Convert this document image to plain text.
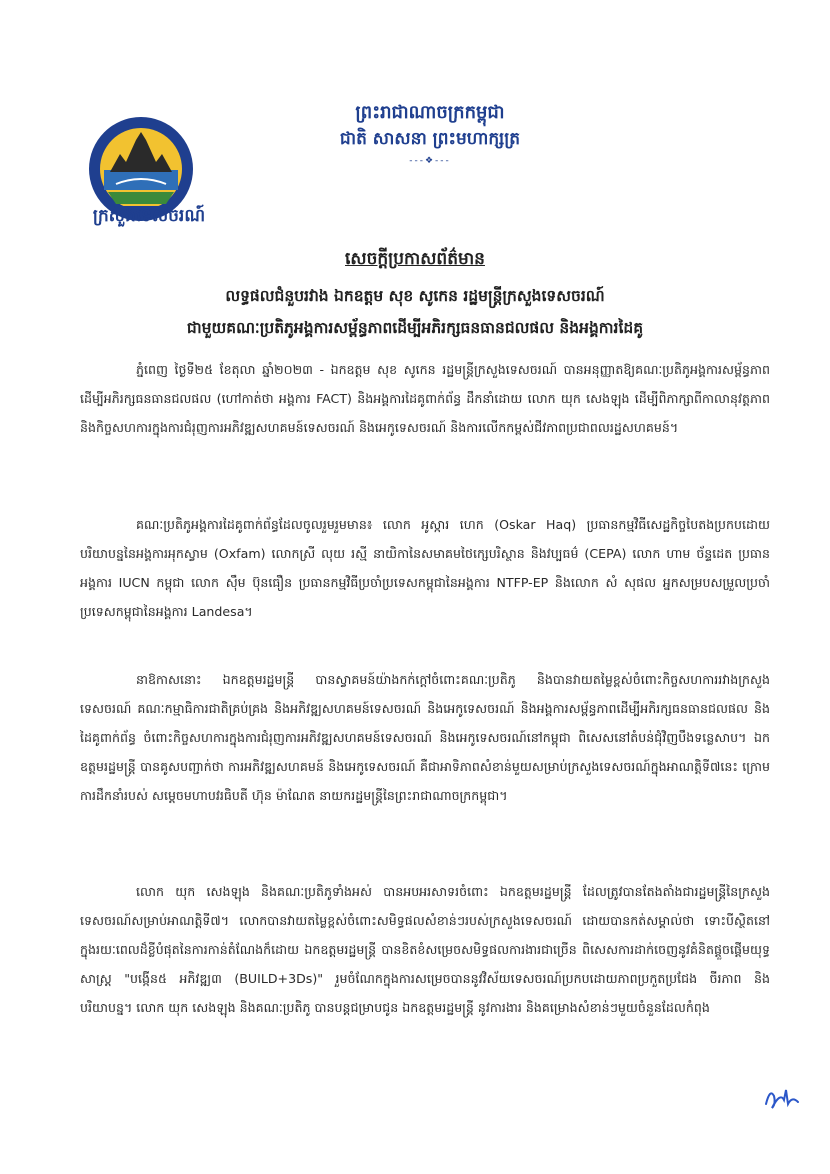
ព្រះរាជាណាចក្រកម្ពុជា
ជាតិ សាសនា ព្រះមហាក្សត្រ
---❖---
ក្រសួងទេសចរណ៍
សេចក្តីប្រកាសព័ត៌មាន
លទ្ធផលជំនួបរវាង ឯកឧត្តម សុខ សូកេន រដ្ឋមន្ត្រីក្រសួងទេសចរណ៍
ជាមួយគណៈប្រតិភូអង្គការសម្ព័ន្ធភាពដើម្បីអភិរក្សធនធានជលផល និងអង្គការដៃគូ

ភ្នំពេញ ថ្ងៃទី២៥ ខែតុលា ឆ្នាំ២០២៣ - ឯកឧត្តម សុខ សូកេន រដ្ឋមន្ត្រីក្រសួងទេសចរណ៍ បានអនុញ្ញាតឱ្យគណៈប្រតិភូអង្គការសម្ព័ន្ធភាពដើម្បីអភិរក្សធនធានជលផល (ហៅកាត់ថា អង្គការ FACT) និងអង្គការដៃគូពាក់ព័ន្ធ ដឹកនាំដោយ លោក យុក សេងឡុង ដើម្បីពិភាក្សាពីកាលានុវត្តភាព និងកិច្ចសហការក្នុងការជំរុញការអភិវឌ្ឍសហគមន៍ទេសចរណ៍ និងអេកូទេសចរណ៍ និងការលើកកម្ពស់ជីវភាពប្រជាពលរដ្ឋសហគមន៍។

គណៈប្រតិភូអង្គការដៃគូពាក់ព័ន្ធដែលចូលរួមរួមមាន៖ លោក អូស្ការ ហេក (Oskar Haq) ប្រធានកម្មវិធីសេដ្ឋកិច្ចបៃតងប្រកបដោយបរិយាបន្ននៃអង្គការអុកស្វាម (Oxfam) លោកស្រី លុយ រស្មី នាយិកានៃសមាគមថៃក្សេបរិស្ថាន និងវប្បធម៌ (CEPA) លោក ហាម ច័ន្ទដេត ប្រធានអង្គការ IUCN កម្ពុជា លោក ស៊ឹម ប៊ុនធឿន ប្រធានកម្មវិធីប្រចាំប្រទេសកម្ពុជានៃអង្គការ NTFP-EP និងលោក សំ សុផល អ្នកសម្របសម្រួលប្រចាំប្រទេសកម្ពុជានៃអង្គការ Landesa។

នាឱកាសនោះ ឯកឧត្តមរដ្ឋមន្ត្រី បានស្វាគមន៍យ៉ាងកក់ក្តៅចំពោះគណៈប្រតិភូ និងបានវាយតម្លៃខ្ពស់ចំពោះកិច្ចសហការរវាងក្រសួងទេសចរណ៍ គណៈកម្មាធិការជាតិគ្រប់គ្រង និងអភិវឌ្ឍសហគមន៍ទេសចរណ៍ និងអេកូទេសចរណ៍ និងអង្គការសម្ព័ន្ធភាពដើម្បីអភិរក្សធនធានជលផល និងដៃគូពាក់ព័ន្ធ ចំពោះកិច្ចសហការក្នុងការជំរុញការអភិវឌ្ឍសហគមន៍ទេសចរណ៍ និងអេកូទេសចរណ៍នៅកម្ពុជា ពិសេសនៅតំបន់ជុំវិញបឹងទន្លេសាប។ ឯកឧត្តមរដ្ឋមន្ត្រី បានគូសបញ្ជាក់ថា ការអភិវឌ្ឍសហគមន៍ និងអេកូទេសចរណ៍ គឺជាអាទិភាពសំខាន់មួយសម្រាប់ក្រសួងទេសចរណ៍ក្នុងអាណត្តិទី៧នេះ ក្រោមការដឹកនាំរបស់ សម្តេចមហាបវរធិបតី ហ៊ុន ម៉ាណែត នាយករដ្ឋមន្ត្រីនៃព្រះរាជាណាចក្រកម្ពុជា។

លោក យុក សេងឡុង និងគណៈប្រតិភូទាំងអស់ បានអបអរសាទរចំពោះ ឯកឧត្តមរដ្ឋមន្ត្រី ដែលត្រូវបានតែងតាំងជារដ្ឋមន្ត្រីនៃក្រសួងទេសចរណ៍សម្រាប់អាណត្តិទី៧។ លោកបានវាយតម្លៃខ្ពស់ចំពោះសមិទ្ធផលសំខាន់ៗរបស់ក្រសួងទេសចរណ៍ ដោយបានកត់សម្គាល់ថា ទោះបីស្ថិតនៅក្នុងរយៈពេលដ៏ខ្លីបំផុតនៃការកាន់តំណែងក៏ដោយ ឯកឧត្តមរដ្ឋមន្ត្រី បានខិតខំសម្រេចសមិទ្ធផលការងារជាច្រើន ពិសេសការដាក់ចេញនូវគំនិតផ្តួចផ្តើមយុទ្ធសាស្ត្រ "បង្កើន៥ អភិវឌ្ឍ៣ (BUILD+3Ds)" រួមចំណែកក្នុងការសម្រេចបាននូវវិស័យទេសចរណ៍ប្រកបដោយភាពប្រកួតប្រជែង ចីរភាព និងបរិយាបន្ន។ លោក យុក សេងឡុង និងគណៈប្រតិភូ បានបន្តជម្រាបជូន ឯកឧត្តមរដ្ឋមន្ត្រី នូវការងារ និងគម្រោងសំខាន់ៗមួយចំនួនដែលកំពុង
